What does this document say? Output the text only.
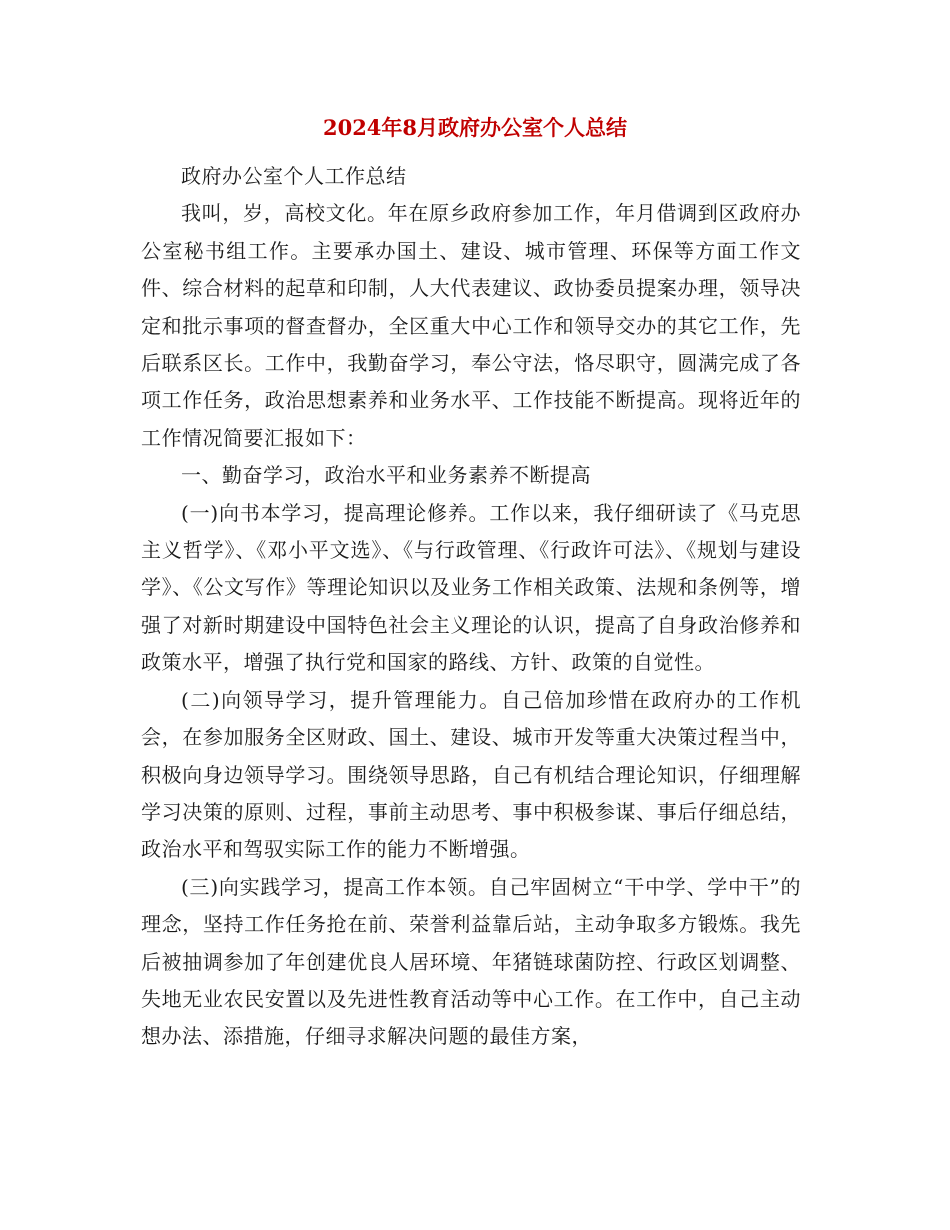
2024年8月政府办公室个人总结

政府办公室个人工作总结

我叫，岁，高校文化。年在原乡政府参加工作，年月借调到区政府办公室秘书组工作。主要承办国土、建设、城市管理、环保等方面工作文件、综合材料的起草和印制，人大代表建议、政协委员提案办理，领导决定和批示事项的督查督办，全区重大中心工作和领导交办的其它工作，先后联系区长。工作中，我勤奋学习，奉公守法，恪尽职守，圆满完成了各项工作任务，政治思想素养和业务水平、工作技能不断提高。现将近年的工作情况简要汇报如下：

一、勤奋学习，政治水平和业务素养不断提高

(一)向书本学习，提高理论修养。工作以来，我仔细研读了《马克思主义哲学》、《邓小平文选》、《与行政管理、《行政许可法》、《规划与建设学》、《公文写作》等理论知识以及业务工作相关政策、法规和条例等，增强了对新时期建设中国特色社会主义理论的认识，提高了自身政治修养和政策水平，增强了执行党和国家的路线、方针、政策的自觉性。

(二)向领导学习，提升管理能力。自己倍加珍惜在政府办的工作机会，在参加服务全区财政、国土、建设、城市开发等重大决策过程当中，积极向身边领导学习。围绕领导思路，自己有机结合理论知识，仔细理解学习决策的原则、过程，事前主动思考、事中积极参谋、事后仔细总结，政治水平和驾驭实际工作的能力不断增强。

(三)向实践学习，提高工作本领。自己牢固树立“干中学、学中干”的理念，坚持工作任务抢在前、荣誉利益靠后站，主动争取多方锻炼。我先后被抽调参加了年创建优良人居环境、年猪链球菌防控、行政区划调整、失地无业农民安置以及先进性教育活动等中心工作。在工作中，自己主动想办法、添措施，仔细寻求解决问题的最佳方案，
